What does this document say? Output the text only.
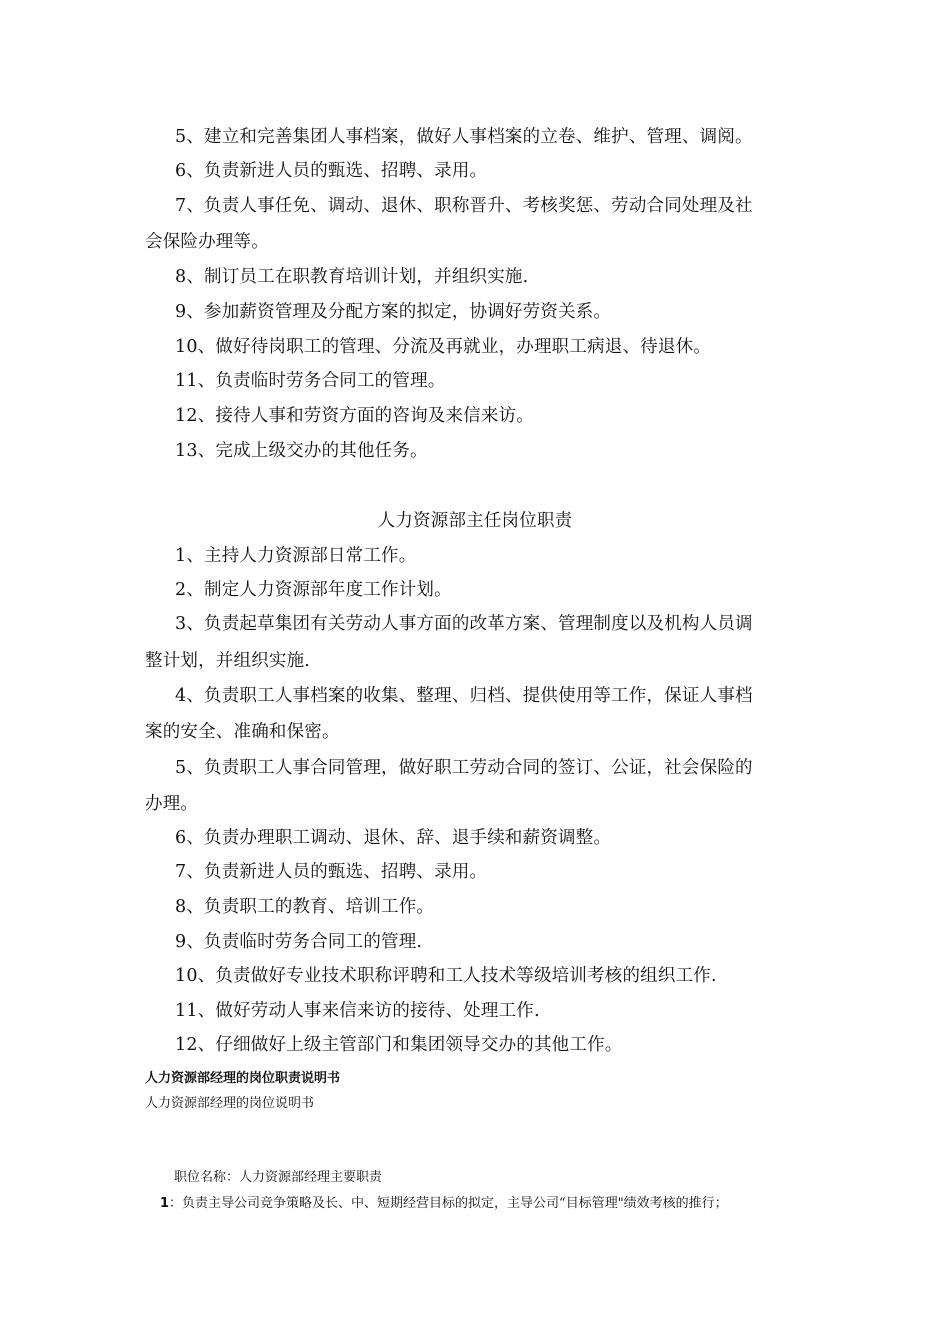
5、建立和完善集团人事档案，做好人事档案的立卷、维护、管理、调阅。
6、负责新进人员的甄选、招聘、录用。
7、负责人事任免、调动、退休、职称晋升、考核奖惩、劳动合同处理及社
会保险办理等。
8、制订员工在职教育培训计划，并组织实施.
9、参加薪资管理及分配方案的拟定，协调好劳资关系。
10、做好待岗职工的管理、分流及再就业，办理职工病退、待退休。
11、负责临时劳务合同工的管理。
12、接待人事和劳资方面的咨询及来信来访。
13、完成上级交办的其他任务。
人力资源部主任岗位职责
1、主持人力资源部日常工作。
2、制定人力资源部年度工作计划。
3、负责起草集团有关劳动人事方面的改革方案、管理制度以及机构人员调
整计划，并组织实施.
4、负责职工人事档案的收集、整理、归档、提供使用等工作，保证人事档
案的安全、准确和保密。
5、负责职工人事合同管理，做好职工劳动合同的签订、公证，社会保险的
办理。
6、负责办理职工调动、退休、辞、退手续和薪资调整。
7、负责新进人员的甄选、招聘、录用。
8、负责职工的教育、培训工作。
9、负责临时劳务合同工的管理.
10、负责做好专业技术职称评聘和工人技术等级培训考核的组织工作.
11、做好劳动人事来信来访的接待、处理工作.
12、仔细做好上级主管部门和集团领导交办的其他工作。
人力资源部经理的岗位职责说明书
人力资源部经理的岗位说明书
职位名称：人力资源部经理主要职责
1：负责主导公司竞争策略及长、中、短期经营目标的拟定，主导公司“目标管理"绩效考核的推行；
